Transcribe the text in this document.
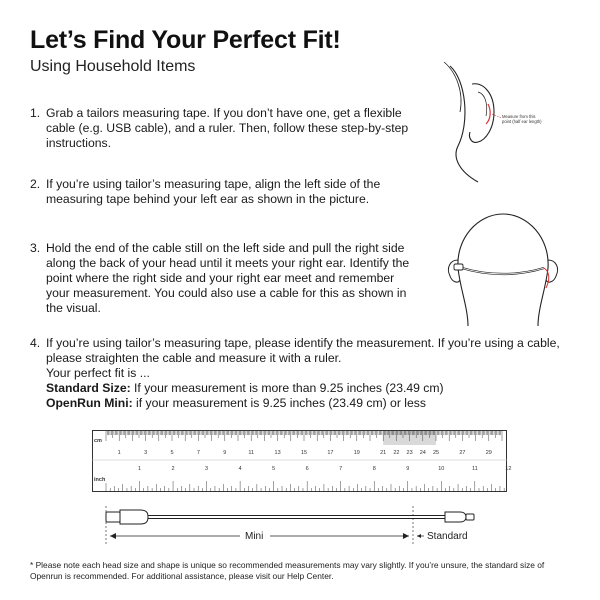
Let’s Find Your Perfect Fit!
Using Household Items
1. Grab a tailors measuring tape. If you don’t have one, get a flexible cable (e.g. USB cable), and a ruler. Then, follow these step-by-step instructions.
2. If you’re using tailor’s measuring tape, align the left side of the measuring tape behind your left ear as shown in the picture.
3. Hold the end of the cable still on the left side and pull the right side along the back of your head until it meets your right ear. Identify the point where the right side and your right ear meet and remember your measurement. You could also use a cable for this as shown in the visual.
4. If you’re using tailor’s measuring tape, please identify the measurement. If you’re using a cable, please straighten the cable and measure it with a ruler.
Your perfect fit is ...
Standard Size: If your measurement is more than 9.25 inches (23.49 cm)
OpenRun Mini: if your measurement is 9.25 inches (23.49 cm) or less
Measure from this
point (half ear length)
1	3	5	7	9	11	13	15	17	19	21 22 23 24 25	27	29
1	2	3	4	5	6	7	8	9	10	11	12
cm
inch
Mini	Standard
* Please note each head size and shape is unique so recommended measurements may vary slightly. If you’re unsure, the standard size of Openrun is recommended. For additional assistance, please visit our Help Center.
